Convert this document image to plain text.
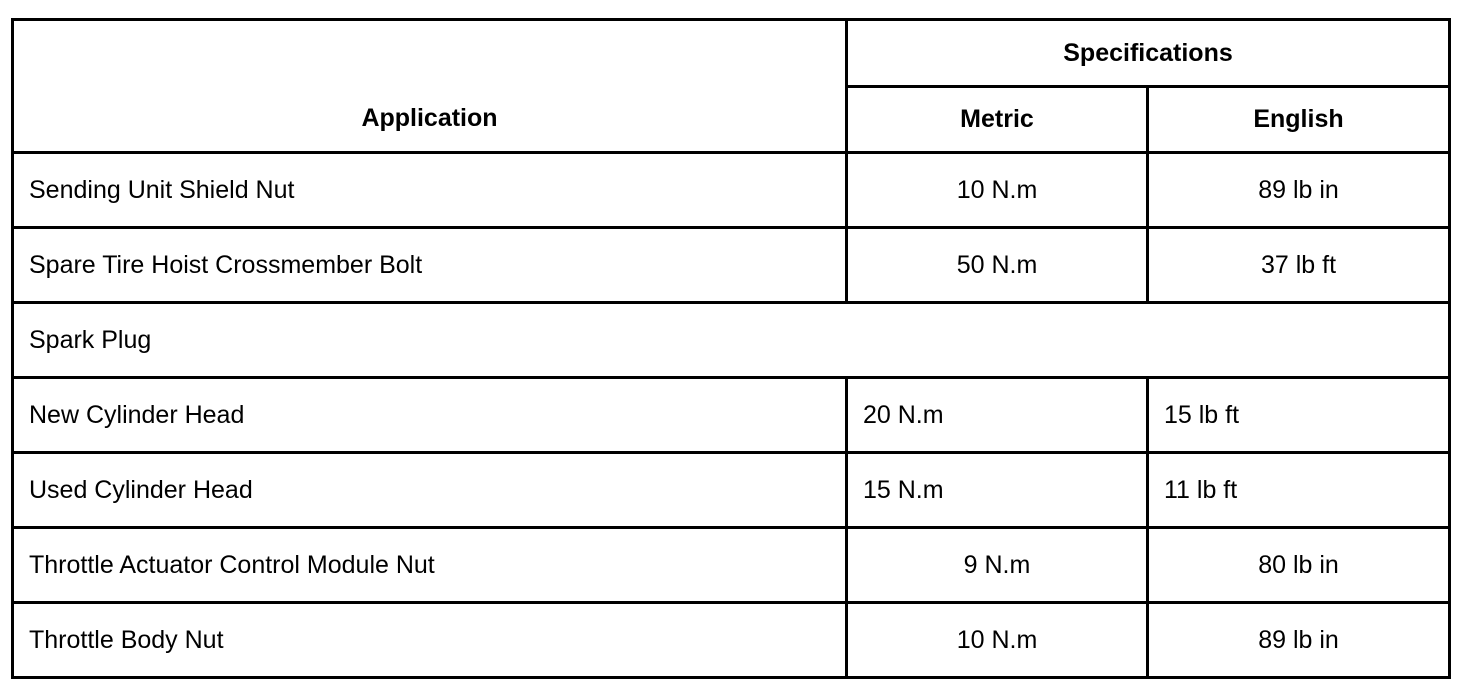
Application	Specifications	
	Metric	English
Sending Unit Shield Nut	10 N.m	89 lb in
Spare Tire Hoist Crossmember Bolt	50 N.m	37 lb ft
Spark Plug		
New Cylinder Head	20 N.m	15 lb ft
Used Cylinder Head	15 N.m	11 lb ft
Throttle Actuator Control Module Nut	9 N.m	80 lb in
Throttle Body Nut	10 N.m	89 lb in
